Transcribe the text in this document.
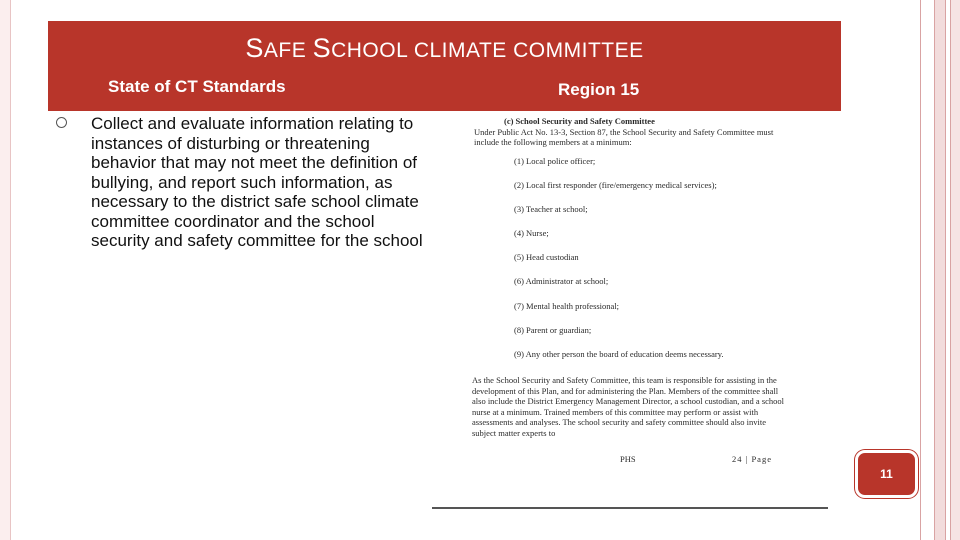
SAFE SCHOOL CLIMATE COMMITTEE
State of CT Standards	Region 15
Collect and evaluate information relating to instances of disturbing or threatening behavior that may not meet the definition of bullying, and report such information, as necessary to the district safe school climate committee coordinator and the school security and safety committee for the school
(c) School Security and Safety Committee
Under Public Act No. 13-3, Section 87, the School Security and Safety Committee must include the following members at a minimum:
(1) Local police officer;
(2) Local first responder (fire/emergency medical services);
(3) Teacher at school;
(4) Nurse;
(5) Head custodian
(6) Administrator at school;
(7) Mental health professional;
(8) Parent or guardian;
(9) Any other person the board of education deems necessary.
As the School Security and Safety Committee, this team is responsible for assisting in the development of this Plan, and for administering the Plan. Members of the committee shall also include the District Emergency Management Director, a school custodian, and a school nurse at a minimum. Trained members of this committee may perform or assist with assessments and analyses. The school security and safety committee should also invite subject matter experts to
PHS	24 | Page
11
